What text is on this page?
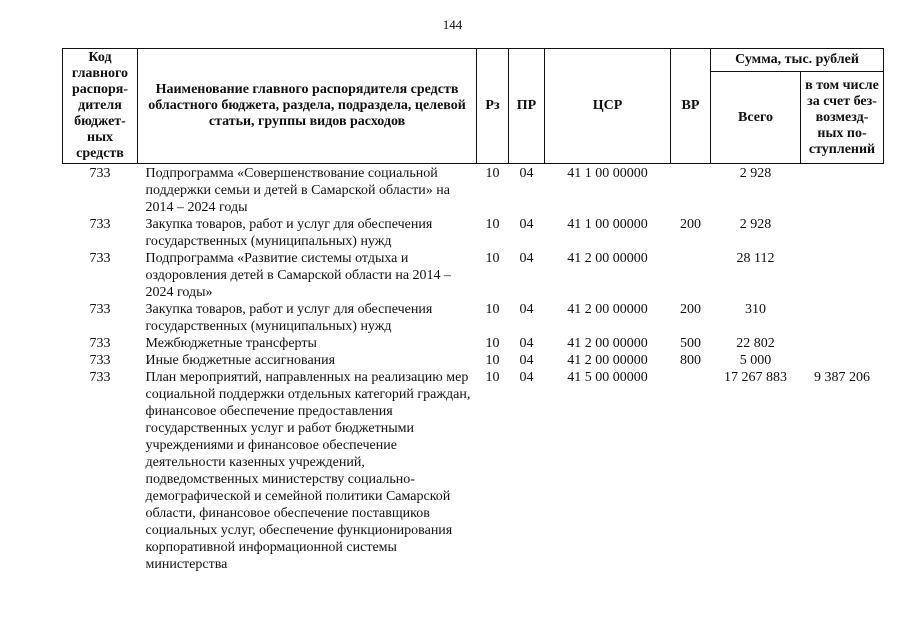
144
Код главного распоря-дителя бюджет-ных средств	Наименование главного распорядителя средств областного бюджета, раздела, подраздела, целевой статьи, группы видов расходов	Рз	ПР	ЦСР	ВР	Сумма, тыс. рублей	
						Всего	в том числе за счет без-возмезд-ных по-ступлений
733	Подпрограмма «Совершенствование социальной поддержки семьи и детей в Самарской области» на 2014 – 2024 годы	10	04	41 1 00 00000		2 928	
733	Закупка товаров, работ и услуг для обеспечения государственных (муниципальных) нужд	10	04	41 1 00 00000	200	2 928	
733	Подпрограмма «Развитие системы отдыха и оздоровления детей в Самарской области на 2014 – 2024 годы»	10	04	41 2 00 00000		28 112	
733	Закупка товаров, работ и услуг для обеспечения государственных (муниципальных) нужд	10	04	41 2 00 00000	200	310	
733	Межбюджетные трансферты	10	04	41 2 00 00000	500	22 802	
733	Иные бюджетные ассигнования	10	04	41 2 00 00000	800	5 000	
733	План мероприятий, направленных на реализацию мер социальной поддержки отдельных категорий граждан, финансовое обеспечение предоставления государственных услуг и работ бюджетными учреждениями и финансовое обеспечение деятельности казенных учреждений, подведомственных министерству социально-демографической и семейной политики Самарской области, финансовое обеспечение поставщиков социальных услуг, обеспечение функционирования корпоративной информационной системы министерства	10	04	41 5 00 00000		17 267 883	9 387 206
